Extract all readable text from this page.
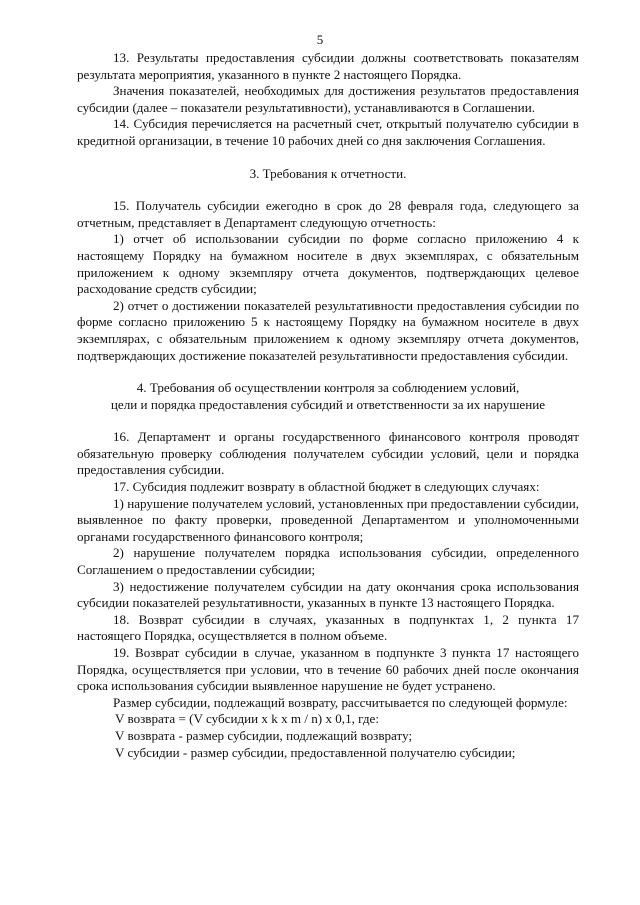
5

13. Результаты предоставления субсидии должны соответствовать показателям результата мероприятия, указанного в пункте 2 настоящего Порядка.

Значения показателей, необходимых для достижения результатов предоставления субсидии (далее – показатели результативности), устанавливаются в Соглашении.

14. Субсидия перечисляется на расчетный счет, открытый получателю субсидии в кредитной организации, в течение 10 рабочих дней со дня заключения Соглашения.

3. Требования к отчетности.

15. Получатель субсидии ежегодно в срок до 28 февраля года, следующего за отчетным, представляет в Департамент следующую отчетность:

1) отчет об использовании субсидии по форме согласно приложению 4 к настоящему Порядку на бумажном носителе в двух экземплярах, с обязательным приложением к одному экземпляру отчета документов, подтверждающих целевое расходование средств субсидии;

2) отчет о достижении показателей результативности предоставления субсидии по форме согласно приложению 5 к настоящему Порядку на бумажном носителе в двух экземплярах, с обязательным приложением к одному экземпляру отчета документов, подтверждающих достижение показателей результативности предоставления субсидии.

4. Требования об осуществлении контроля за соблюдением условий,

цели и порядка предоставления субсидий и ответственности за их нарушение

16. Департамент и органы государственного финансового контроля проводят обязательную проверку соблюдения получателем субсидии условий, цели и порядка предоставления субсидии.

17. Субсидия подлежит возврату в областной бюджет в следующих случаях:

1) нарушение получателем условий, установленных при предоставлении субсидии, выявленное по факту проверки, проведенной Департаментом и уполномоченными органами государственного финансового контроля;

2) нарушение получателем порядка использования субсидии, определенного Соглашением о предоставлении субсидии;

3) недостижение получателем субсидии на дату окончания срока использования субсидии показателей результативности, указанных в пункте 13 настоящего Порядка.

18. Возврат субсидии в случаях, указанных в подпунктах 1, 2 пункта 17 настоящего Порядка, осуществляется в полном объеме.

19. Возврат субсидии в случае, указанном в подпункте 3 пункта 17 настоящего Порядка, осуществляется при условии, что в течение 60 рабочих дней после окончания срока использования субсидии выявленное нарушение не будет устранено.

Размер субсидии, подлежащий возврату, рассчитывается по следующей формуле:

V возврата = (V субсидии x k x m / n) x 0,1, где:

V возврата - размер субсидии, подлежащий возврату;

V субсидии - размер субсидии, предоставленной получателю субсидии;
